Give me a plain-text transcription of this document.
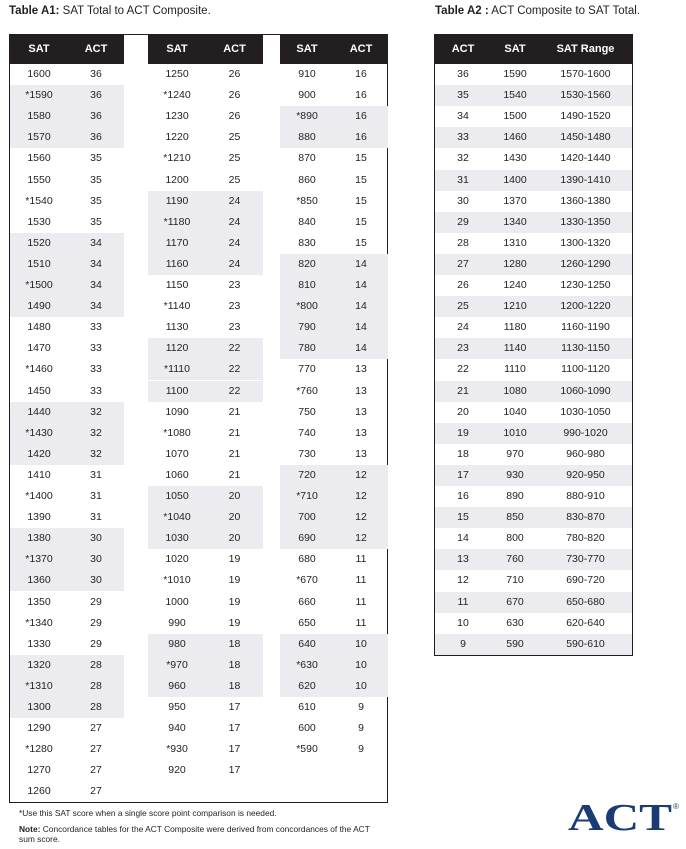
Table A1: SAT Total to ACT Composite.	Table A2 : ACT Composite to SAT Total.
SAT	ACT
1600	36
*1590	36
1580	36
1570	36
1560	35
1550	35
*1540	35
1530	35
1520	34
1510	34
*1500	34
1490	34
1480	33
1470	33
*1460	33
1450	33
1440	32
*1430	32
1420	32
1410	31
*1400	31
1390	31
1380	30
*1370	30
1360	30
1350	29
*1340	29
1330	29
1320	28
*1310	28
1300	28
1290	27
*1280	27
1270	27
1260	27
SAT	ACT
1250	26
*1240	26
1230	26
1220	25
*1210	25
1200	25
1190	24
*1180	24
1170	24
1160	24
1150	23
*1140	23
1130	23
1120	22
*1110	22
1100	22
1090	21
*1080	21
1070	21
1060	21
1050	20
*1040	20
1030	20
1020	19
*1010	19
1000	19
990	19
980	18
*970	18
960	18
950	17
940	17
*930	17
920	17
SAT	ACT
910	16
900	16
*890	16
880	16
870	15
860	15
*850	15
840	15
830	15
820	14
810	14
*800	14
790	14
780	14
770	13
*760	13
750	13
740	13
730	13
720	12
*710	12
700	12
690	12
680	11
*670	11
660	11
650	11
640	10
*630	10
620	10
610	9
600	9
*590	9
ACT	SAT	SAT Range
36	1590	1570-1600
35	1540	1530-1560
34	1500	1490-1520
33	1460	1450-1480
32	1430	1420-1440
31	1400	1390-1410
30	1370	1360-1380
29	1340	1330-1350
28	1310	1300-1320
27	1280	1260-1290
26	1240	1230-1250
25	1210	1200-1220
24	1180	1160-1190
23	1140	1130-1150
22	1110	1100-1120
21	1080	1060-1090
20	1040	1030-1050
19	1010	990-1020
18	970	960-980
17	930	920-950
16	890	880-910
15	850	830-870
14	800	780-820
13	760	730-770
12	710	690-720
11	670	650-680
10	630	620-640
9	590	590-610
*Use this SAT score when a single score point comparison is needed.
Note: Concordance tables for the ACT Composite were derived from concordances of the ACT sum score.	ACT ®
